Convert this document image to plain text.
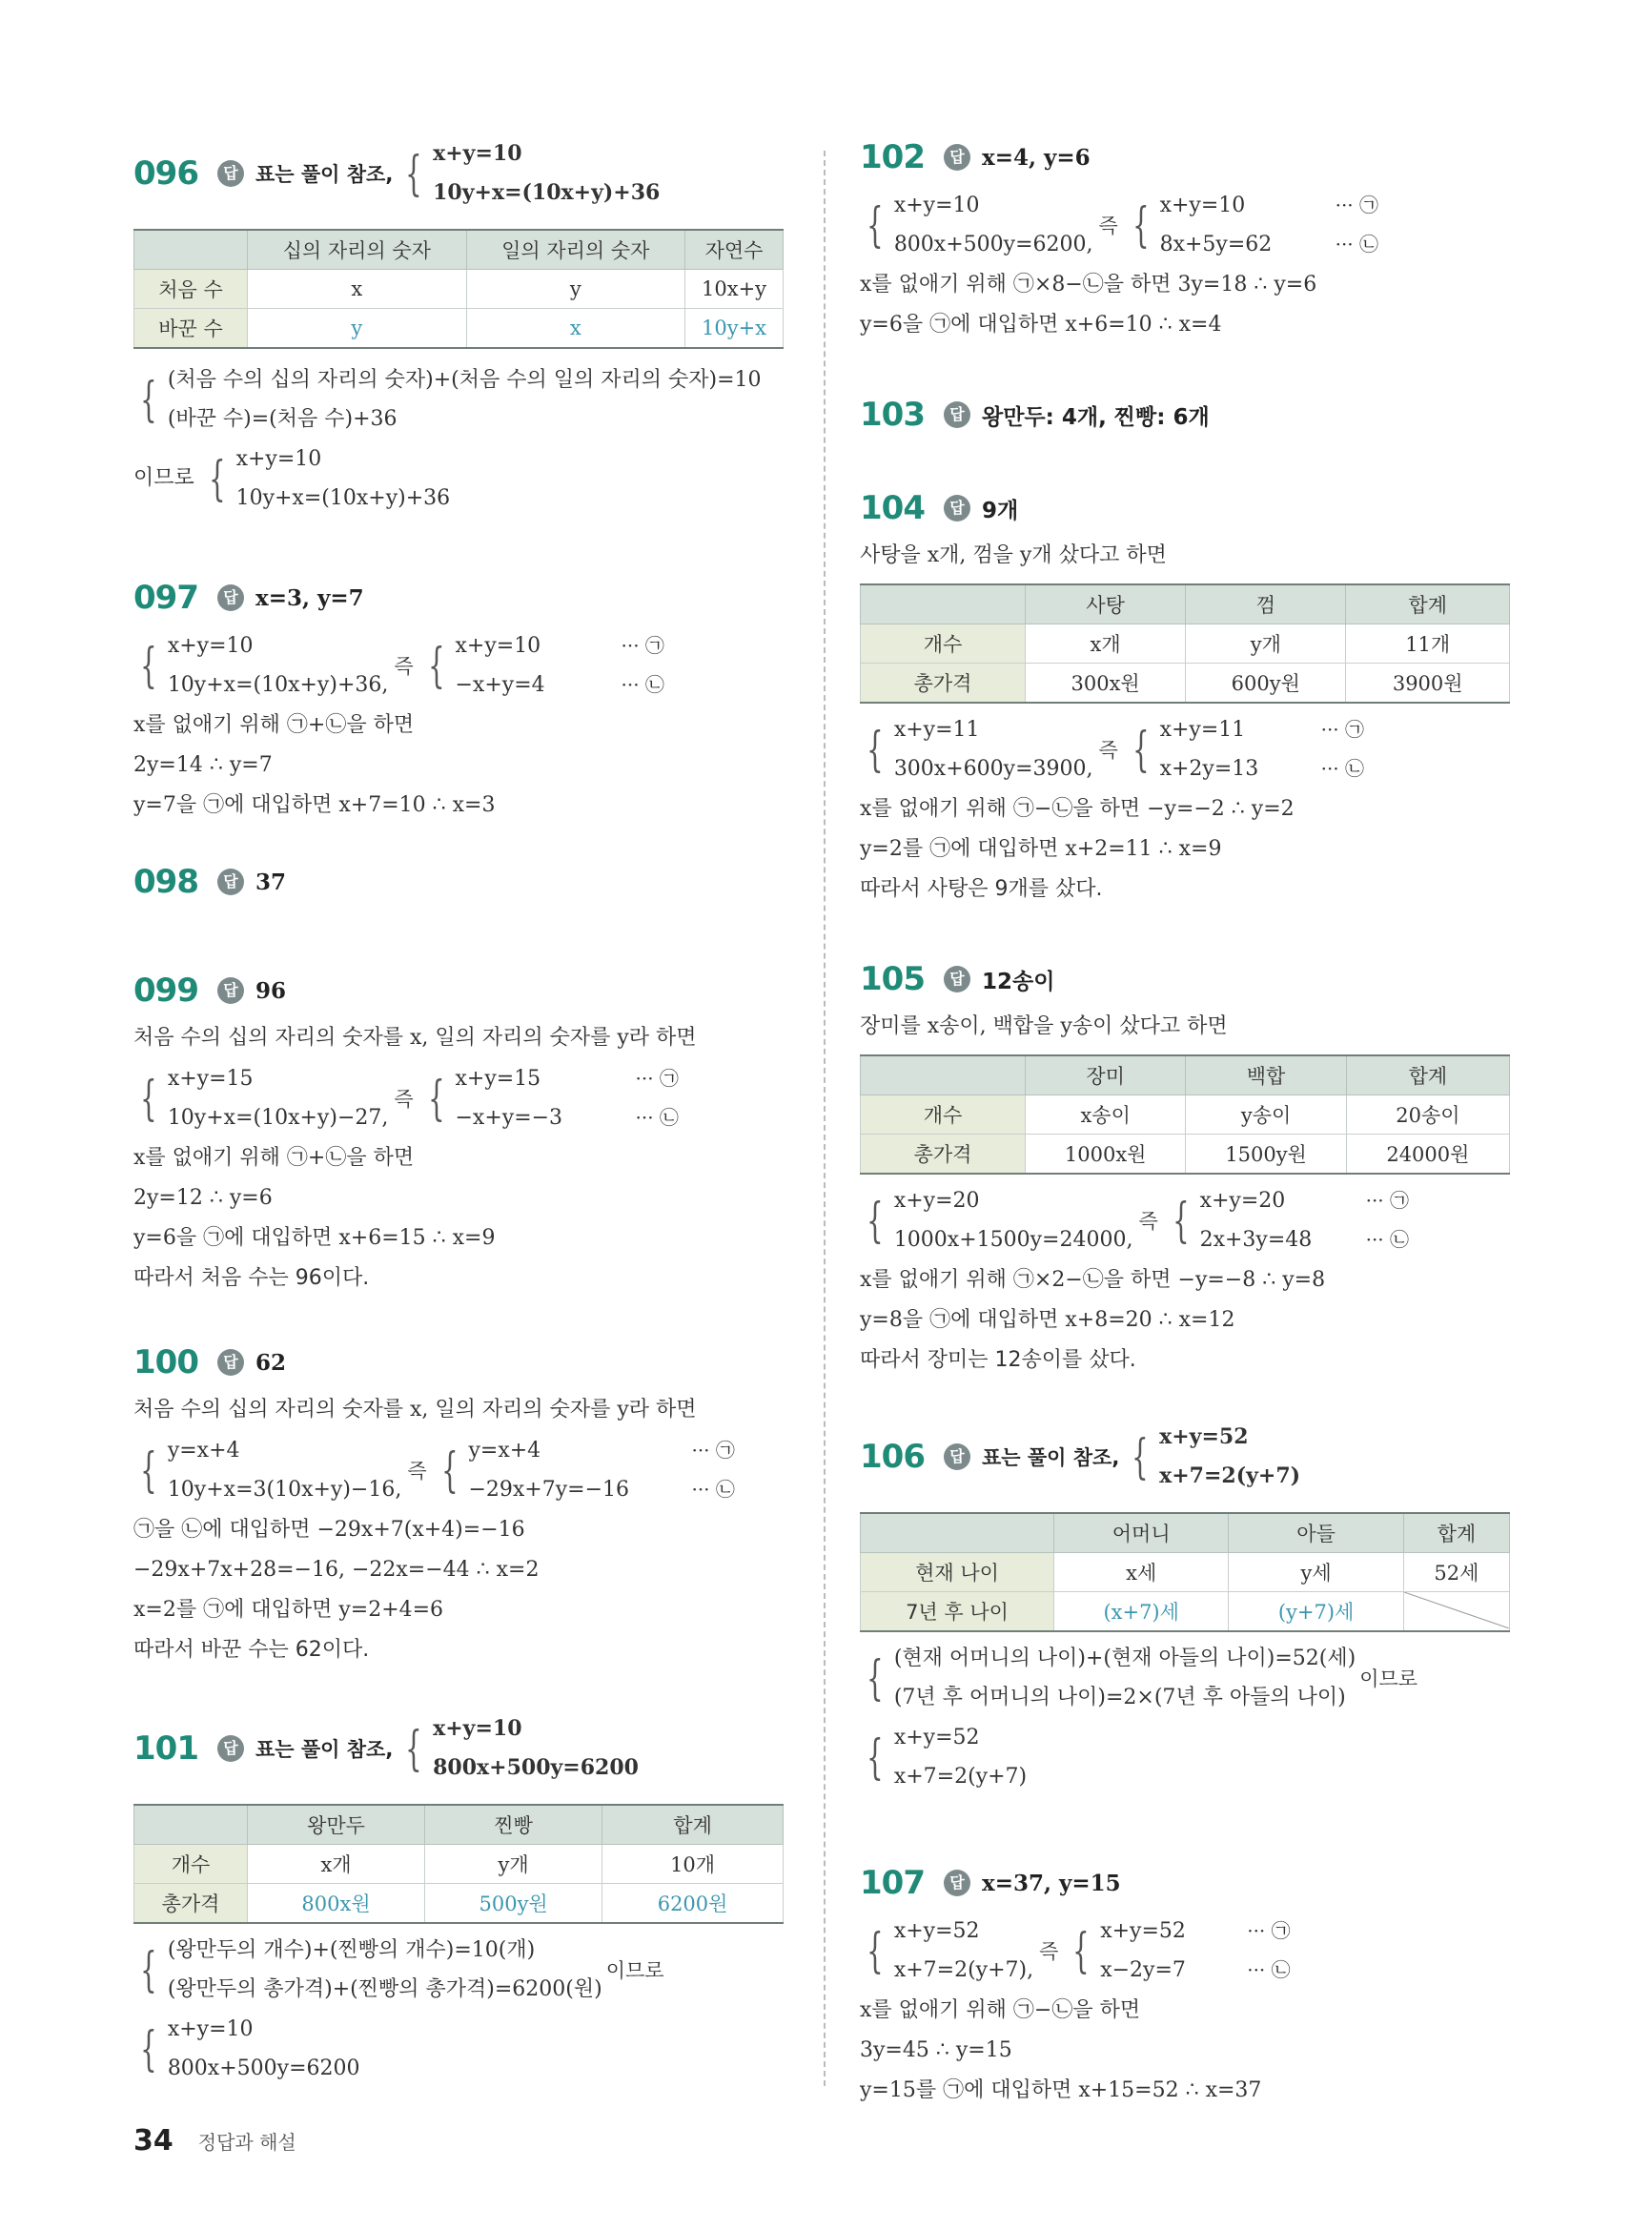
096	답 표는 풀이 참조, { x+y=10
10y+x=(10x+y)+36
	십의 자리의 숫자	일의 자리의 숫자	자연수
처음 수	x	y	10x+y
바꾼 수	y	x	10y+x
{ (처음 수의 십의 자리의 숫자)+(처음 수의 일의 자리의 숫자)=10
(바꾼 수)=(처음 수)+36
이므로 { x+y=10
10y+x=(10x+y)+36
097	답 x=3, y=7
{ x+y=10
10y+x=(10x+y)+36,
즉 { x+y=10
−x+y=4
··· ㉠
··· ㉡
x를 없애기 위해 ㉠+㉡을 하면
2y=14 ∴ y=7
y=7을 ㉠에 대입하면 x+7=10 ∴ x=3
098	답 37
099	답 96
처음 수의 십의 자리의 숫자를 x, 일의 자리의 숫자를 y라 하면
{ x+y=15
10y+x=(10x+y)−27,
즉 { x+y=15
−x+y=−3
··· ㉠
··· ㉡
x를 없애기 위해 ㉠+㉡을 하면
2y=12 ∴ y=6
y=6을 ㉠에 대입하면 x+6=15 ∴ x=9
따라서 처음 수는 96이다.
100	답 62
처음 수의 십의 자리의 숫자를 x, 일의 자리의 숫자를 y라 하면
{ y=x+4
10y+x=3(10x+y)−16,
즉 { y=x+4
−29x+7y=−16
··· ㉠
··· ㉡
㉠을 ㉡에 대입하면 −29x+7(x+4)=−16
−29x+7x+28=−16, −22x=−44 ∴ x=2
x=2를 ㉠에 대입하면 y=2+4=6
따라서 바꾼 수는 62이다.
101	답 표는 풀이 참조, { x+y=10
800x+500y=6200
	왕만두	찐빵	합계
개수	x개	y개	10개
총가격	800x원	500y원	6200원
{ (왕만두의 개수)+(찐빵의 개수)=10(개)
(왕만두의 총가격)+(찐빵의 총가격)=6200(원)
이므로
{ x+y=10
800x+500y=6200
102	답 x=4, y=6
{ x+y=10
800x+500y=6200,
즉 { x+y=10
8x+5y=62
··· ㉠
··· ㉡
x를 없애기 위해 ㉠×8−㉡을 하면 3y=18 ∴ y=6
y=6을 ㉠에 대입하면 x+6=10 ∴ x=4
103	답 왕만두: 4개, 찐빵: 6개
104	답 9개
사탕을 x개, 껌을 y개 샀다고 하면
	사탕	껌	합계
개수	x개	y개	11개
총가격	300x원	600y원	3900원
{ x+y=11
300x+600y=3900,
즉 { x+y=11
x+2y=13
··· ㉠
··· ㉡
x를 없애기 위해 ㉠−㉡을 하면 −y=−2 ∴ y=2
y=2를 ㉠에 대입하면 x+2=11 ∴ x=9
따라서 사탕은 9개를 샀다.
105	답 12송이
장미를 x송이, 백합을 y송이 샀다고 하면
	장미	백합	합계
개수	x송이	y송이	20송이
총가격	1000x원	1500y원	24000원
{ x+y=20
1000x+1500y=24000,
즉 { x+y=20
2x+3y=48
··· ㉠
··· ㉡
x를 없애기 위해 ㉠×2−㉡을 하면 −y=−8 ∴ y=8
y=8을 ㉠에 대입하면 x+8=20 ∴ x=12
따라서 장미는 12송이를 샀다.
106	답 표는 풀이 참조, { x+y=52
x+7=2(y+7)
	어머니	아들	합계
현재 나이	x세	y세	52세
7년 후 나이	(x+7)세	(y+7)세	
{ (현재 어머니의 나이)+(현재 아들의 나이)=52(세)
(7년 후 어머니의 나이)=2×(7년 후 아들의 나이)
이므로
{ x+y=52
x+7=2(y+7)
107	답 x=37, y=15
{ x+y=52
x+7=2(y+7),
즉 { x+y=52
x−2y=7
··· ㉠
··· ㉡
x를 없애기 위해 ㉠−㉡을 하면
3y=45 ∴ y=15
y=15를 ㉠에 대입하면 x+15=52 ∴ x=37
34 정답과 해설
